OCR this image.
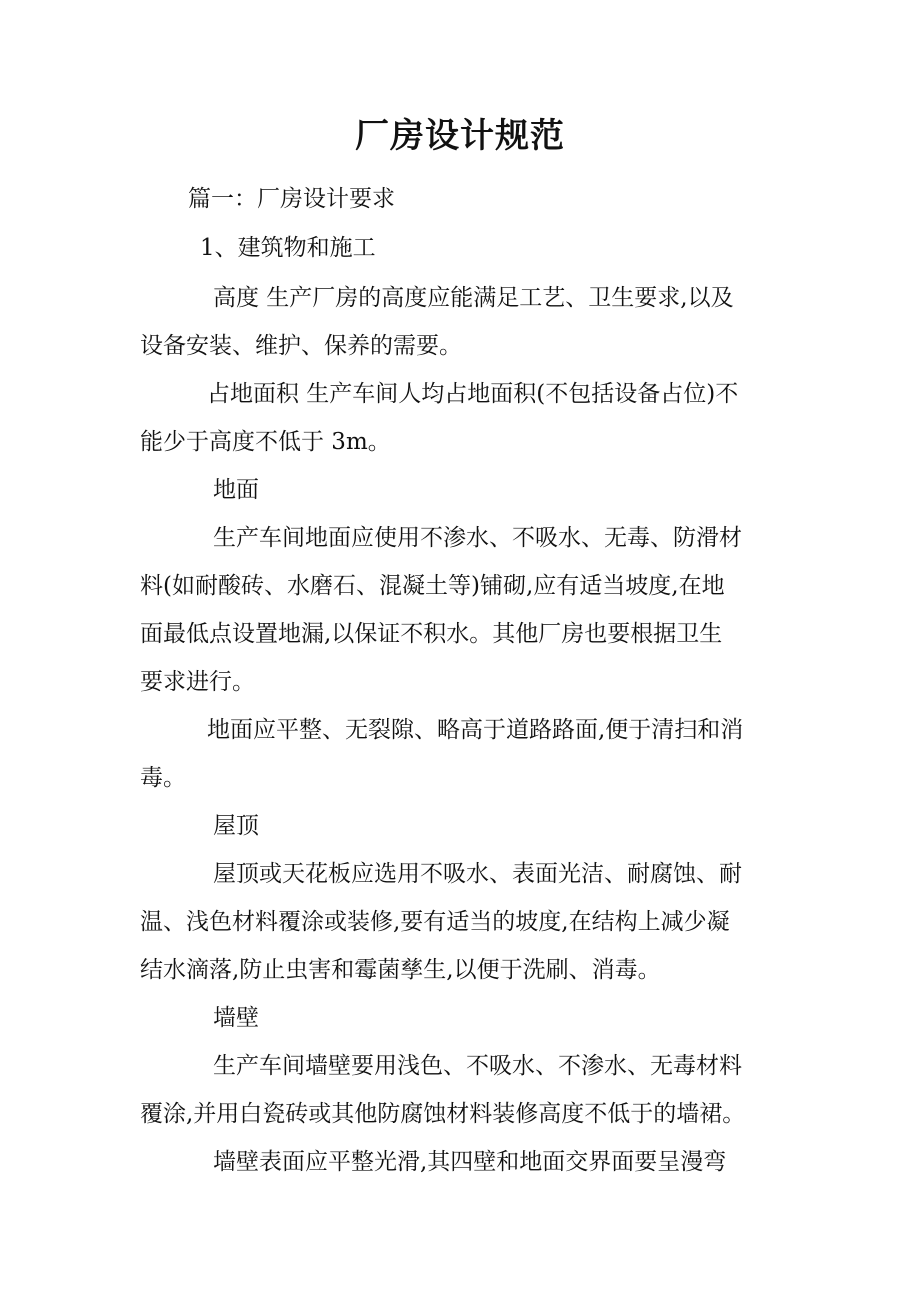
厂房设计规范
篇一：厂房设计要求
1、建筑物和施工
高度 生产厂房的高度应能满足工艺、卫生要求,以及
设备安装、维护、保养的需要。
占地面积 生产车间人均占地面积(不包括设备占位)不
能少于高度不低于 3m。
地面
生产车间地面应使用不渗水、不吸水、无毒、防滑材
料(如耐酸砖、水磨石、混凝土等)铺砌,应有适当坡度,在地
面最低点设置地漏,以保证不积水。其他厂房也要根据卫生
要求进行。
地面应平整、无裂隙、略高于道路路面,便于清扫和消
毒。
屋顶
屋顶或天花板应选用不吸水、表面光洁、耐腐蚀、耐
温、浅色材料覆涂或装修,要有适当的坡度,在结构上减少凝
结水滴落,防止虫害和霉菌孳生,以便于洗刷、消毒。
墙壁
生产车间墙壁要用浅色、不吸水、不渗水、无毒材料
覆涂,并用白瓷砖或其他防腐蚀材料装修高度不低于的墙裙。
墙壁表面应平整光滑,其四壁和地面交界面要呈漫弯
